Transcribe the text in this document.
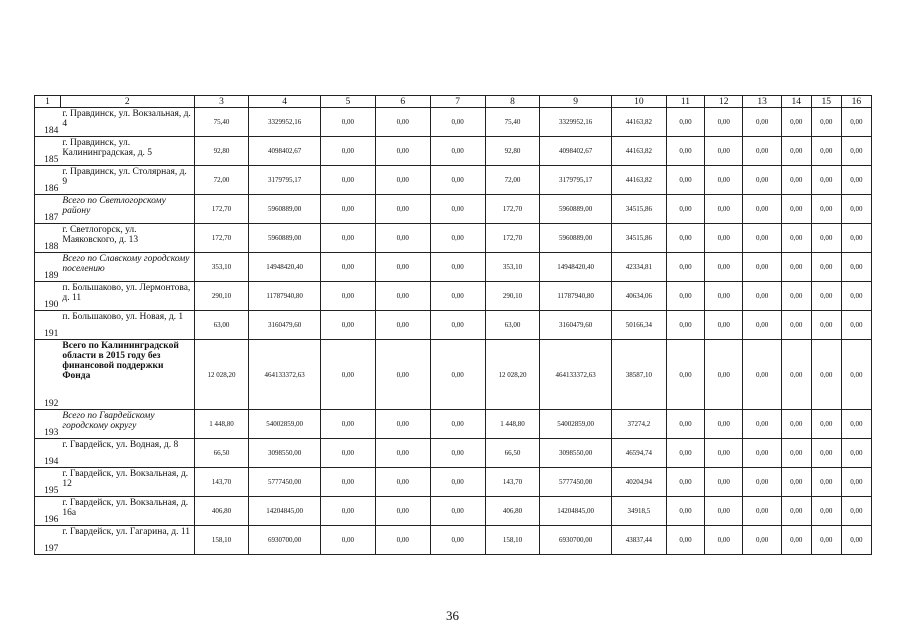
1	2	3	4	5	6	7	8	9	10	11	12	13	14	15	16
184	г. Правдинск, ул. Вокзальная, д. 4	75,40	3329952,16	0,00	0,00	0,00	75,40	3329952,16	44163,82	0,00	0,00	0,00	0,00	0,00	0,00
185	г. Правдинск, ул. Калининградская, д. 5	92,80	4098402,67	0,00	0,00	0,00	92,80	4098402,67	44163,82	0,00	0,00	0,00	0,00	0,00	0,00
186	г. Правдинск, ул. Столярная, д. 9	72,00	3179795,17	0,00	0,00	0,00	72,00	3179795,17	44163,82	0,00	0,00	0,00	0,00	0,00	0,00
187	Всего по Светлогорскому району	172,70	5960889,00	0,00	0,00	0,00	172,70	5960889,00	34515,86	0,00	0,00	0,00	0,00	0,00	0,00
188	г. Светлогорск, ул. Маяковского, д. 13	172,70	5960889,00	0,00	0,00	0,00	172,70	5960889,00	34515,86	0,00	0,00	0,00	0,00	0,00	0,00
189	Всего по Славскому городскому поселению	353,10	14948420,40	0,00	0,00	0,00	353,10	14948420,40	42334,81	0,00	0,00	0,00	0,00	0,00	0,00
190	п. Большаково, ул. Лермонтова, д. 11	290,10	11787940,80	0,00	0,00	0,00	290,10	11787940,80	40634,06	0,00	0,00	0,00	0,00	0,00	0,00
191	п. Большаково, ул. Новая, д. 1	63,00	3160479,60	0,00	0,00	0,00	63,00	3160479,60	50166,34	0,00	0,00	0,00	0,00	0,00	0,00
192	Всего по Калининградской области в 2015 году без финансовой поддержки Фонда	12 028,20	464133372,63	0,00	0,00	0,00	12 028,20	464133372,63	38587,10	0,00	0,00	0,00	0,00	0,00	0,00
193	Всего по Гвардейскому городскому округу	1 448,80	54002859,00	0,00	0,00	0,00	1 448,80	54002859,00	37274,2	0,00	0,00	0,00	0,00	0,00	0,00
194	г. Гвардейск, ул. Водная, д. 8	66,50	3098550,00	0,00	0,00	0,00	66,50	3098550,00	46594,74	0,00	0,00	0,00	0,00	0,00	0,00
195	г. Гвардейск, ул. Вокзальная, д. 12	143,70	5777450,00	0,00	0,00	0,00	143,70	5777450,00	40204,94	0,00	0,00	0,00	0,00	0,00	0,00
196	г. Гвардейск, ул. Вокзальная, д. 16а	406,80	14204845,00	0,00	0,00	0,00	406,80	14204845,00	34918,5	0,00	0,00	0,00	0,00	0,00	0,00
197	г. Гвардейск, ул. Гагарина, д. 11	158,10	6930700,00	0,00	0,00	0,00	158,10	6930700,00	43837,44	0,00	0,00	0,00	0,00	0,00	0,00
36
